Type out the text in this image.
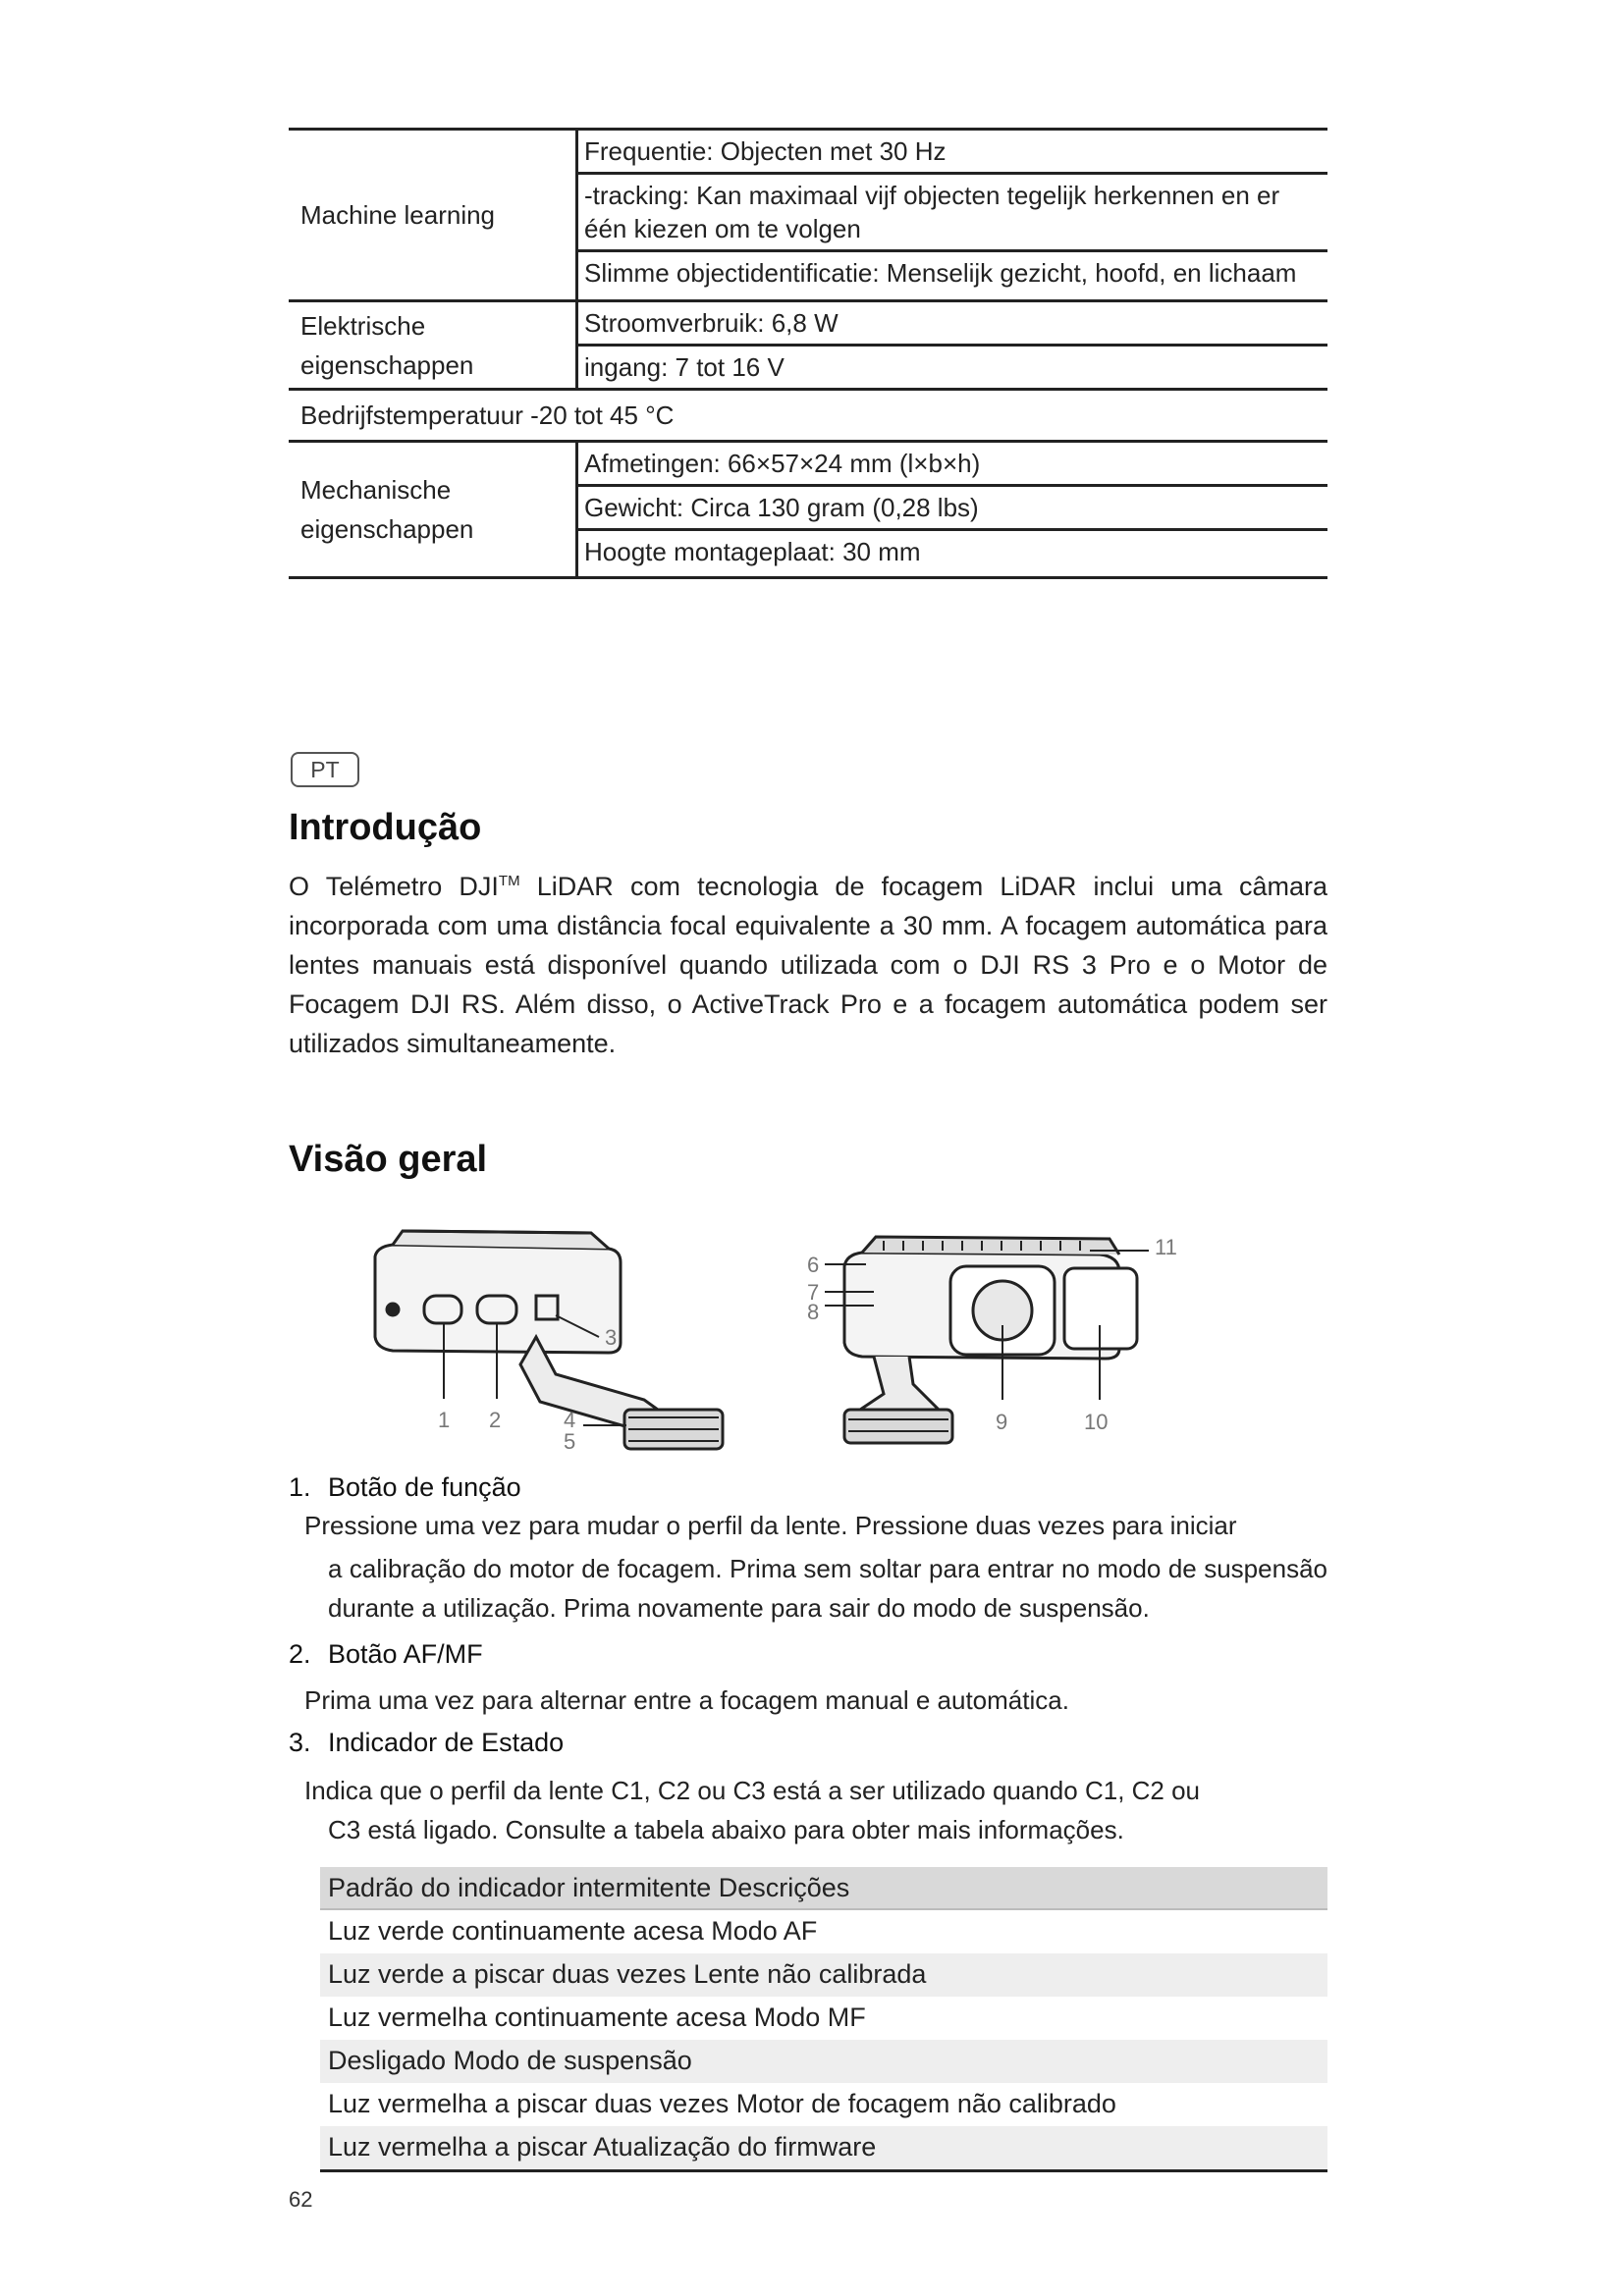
Machine learning
Frequentie: Objecten met 30 Hz
-tracking: Kan maximaal vijf objecten tegelijk herkennen en er één kiezen om te volgen
Slimme objectidentificatie: Menselijk gezicht, hoofd, en lichaam
Elektrische eigenschappen
Stroomverbruik: 6,8 W
ingang: 7 tot 16 V
Bedrijfstemperatuur -20 tot 45 °C
Mechanische eigenschappen
Afmetingen: 66×57×24 mm (l×b×h)
Gewicht: Circa 130 gram (0,28 lbs)
Hoogte montageplaat: 30 mm
PT
Introdução

O Telémetro DJI™ LiDAR com tecnologia de focagem LiDAR inclui uma câmara incorporada com uma distância focal equivalente a 30 mm. A focagem automática para lentes manuais está disponível quando utilizada com o DJI RS 3 Pro e o Motor de Focagem DJI RS. Além disso, o ActiveTrack Pro e a focagem automática podem ser utilizados simultaneamente.

Visão geral
1 2
3
4
5
6
7
8
9	10
11
1. Botão de função
Pressione uma vez para mudar o perfil da lente. Pressione duas vezes para iniciar
a calibração do motor de focagem. Prima sem soltar para entrar no modo de suspensão durante a utilização. Prima novamente para sair do modo de suspensão.
2. Botão AF/MF
Prima uma vez para alternar entre a focagem manual e automática.
3. Indicador de Estado
Indica que o perfil da lente C1, C2 ou C3 está a ser utilizado quando C1, C2 ou
C3 está ligado. Consulte a tabela abaixo para obter mais informações.
Padrão do indicador intermitente Descrições
Luz verde continuamente acesa Modo AF
Luz verde a piscar duas vezes Lente não calibrada
Luz vermelha continuamente acesa Modo MF
Desligado Modo de suspensão
Luz vermelha a piscar duas vezes Motor de focagem não calibrado
Luz vermelha a piscar Atualização do firmware
62
